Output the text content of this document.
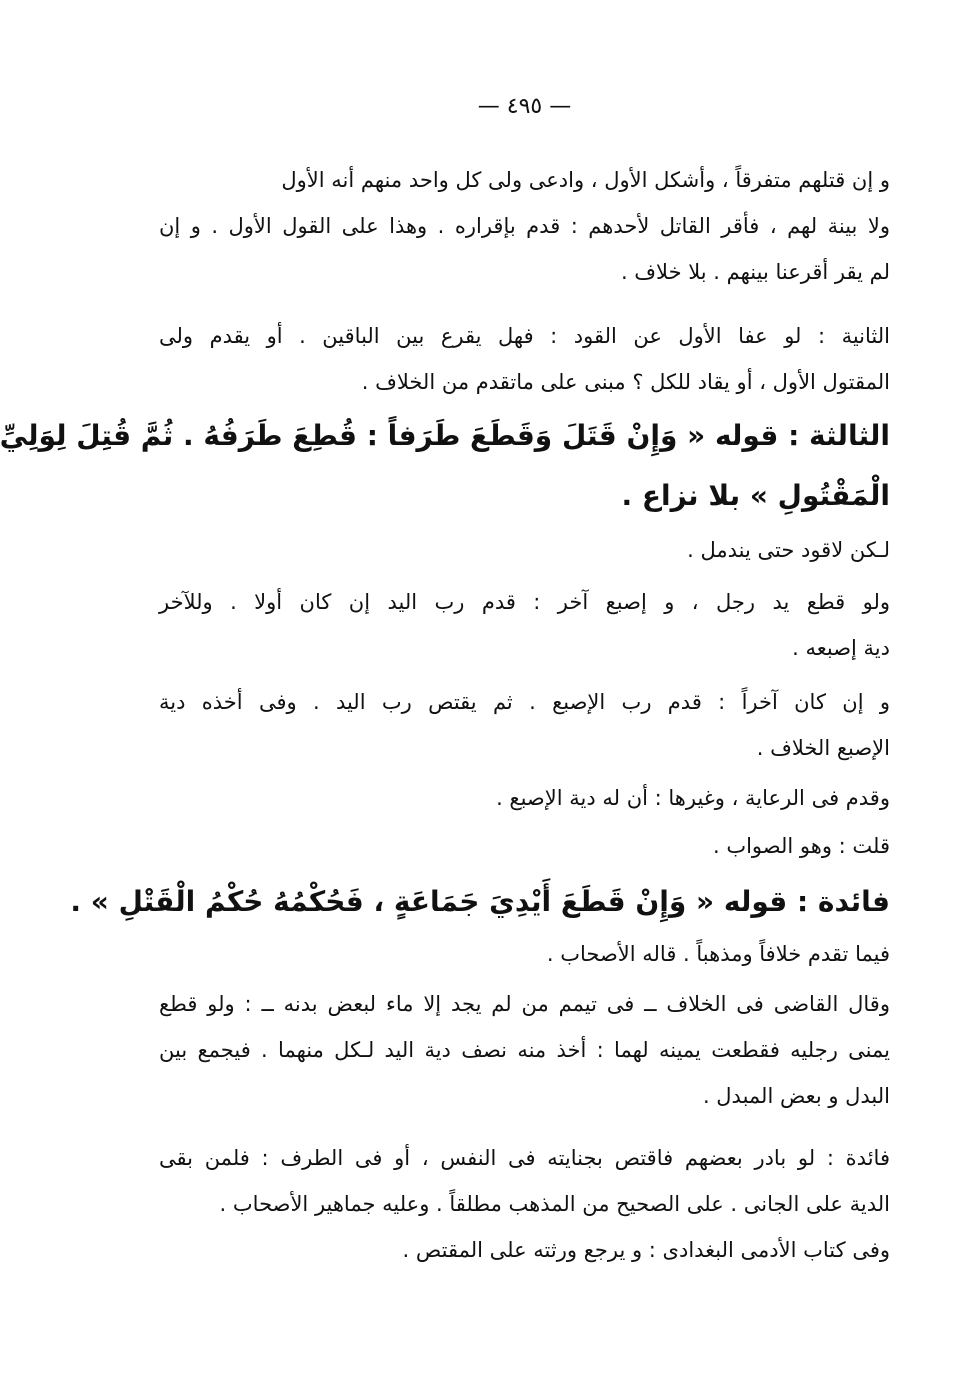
— ٤٩٥ —
و إن قتلهم متفرقاً ، وأشكل الأول ، وادعى ولى كل واحد منهم أنه الأول
ولا بينة لهم ، فأقر القاتل لأحدهم : قدم بإقراره . وهذا على القول الأول . و إن
لم يقر أقرعنا بينهم . بلا خلاف .
الثانية : لو عفا الأول عن القود : فهل يقرع بين الباقين . أو يقدم ولى
المقتول الأول ، أو يقاد للكل ؟ مبنى على ماتقدم من الخلاف .
الثالثة : قوله « وَإِنْ قَتَلَ وَقَطَعَ طَرَفاً : قُطِعَ طَرَفُهُ . ثُمَّ قُتِلَ لِوَلِيِّ
الْمَقْتُولِ » بلا نزاع .
لـكن لاقود حتى يندمل .
ولو قطع يد رجل ، و إصبع آخر : قدم رب اليد إن كان أولا . وللآخر
دية إصبعه .
و إن كان آخراً : قدم رب الإصبع . ثم يقتص رب اليد . وفى أخذه دية
الإصبع الخلاف .
وقدم فى الرعاية ، وغيرها : أن له دية الإصبع .
قلت : وهو الصواب .
فائدة : قوله « وَإِنْ قَطَعَ أَيْدِيَ جَمَاعَةٍ ، فَحُكْمُهُ حُكْمُ الْقَتْلِ » .
فيما تقدم خلافاً ومذهباً . قاله الأصحاب .
وقال القاضى فى الخلاف ــ فى تيمم من لم يجد إلا ماء لبعض بدنه ــ : ولو قطع
يمنى رجليه فقطعت يمينه لهما : أخذ منه نصف دية اليد لـكل منهما . فيجمع بين
البدل و بعض المبدل .
فائدة : لو بادر بعضهم فاقتص بجنايته فى النفس ، أو فى الطرف : فلمن بقى
الدية على الجانى . على الصحيح من المذهب مطلقاً . وعليه جماهير الأصحاب .
وفى كتاب الأدمى البغدادى : و يرجع ورثته على المقتص .
